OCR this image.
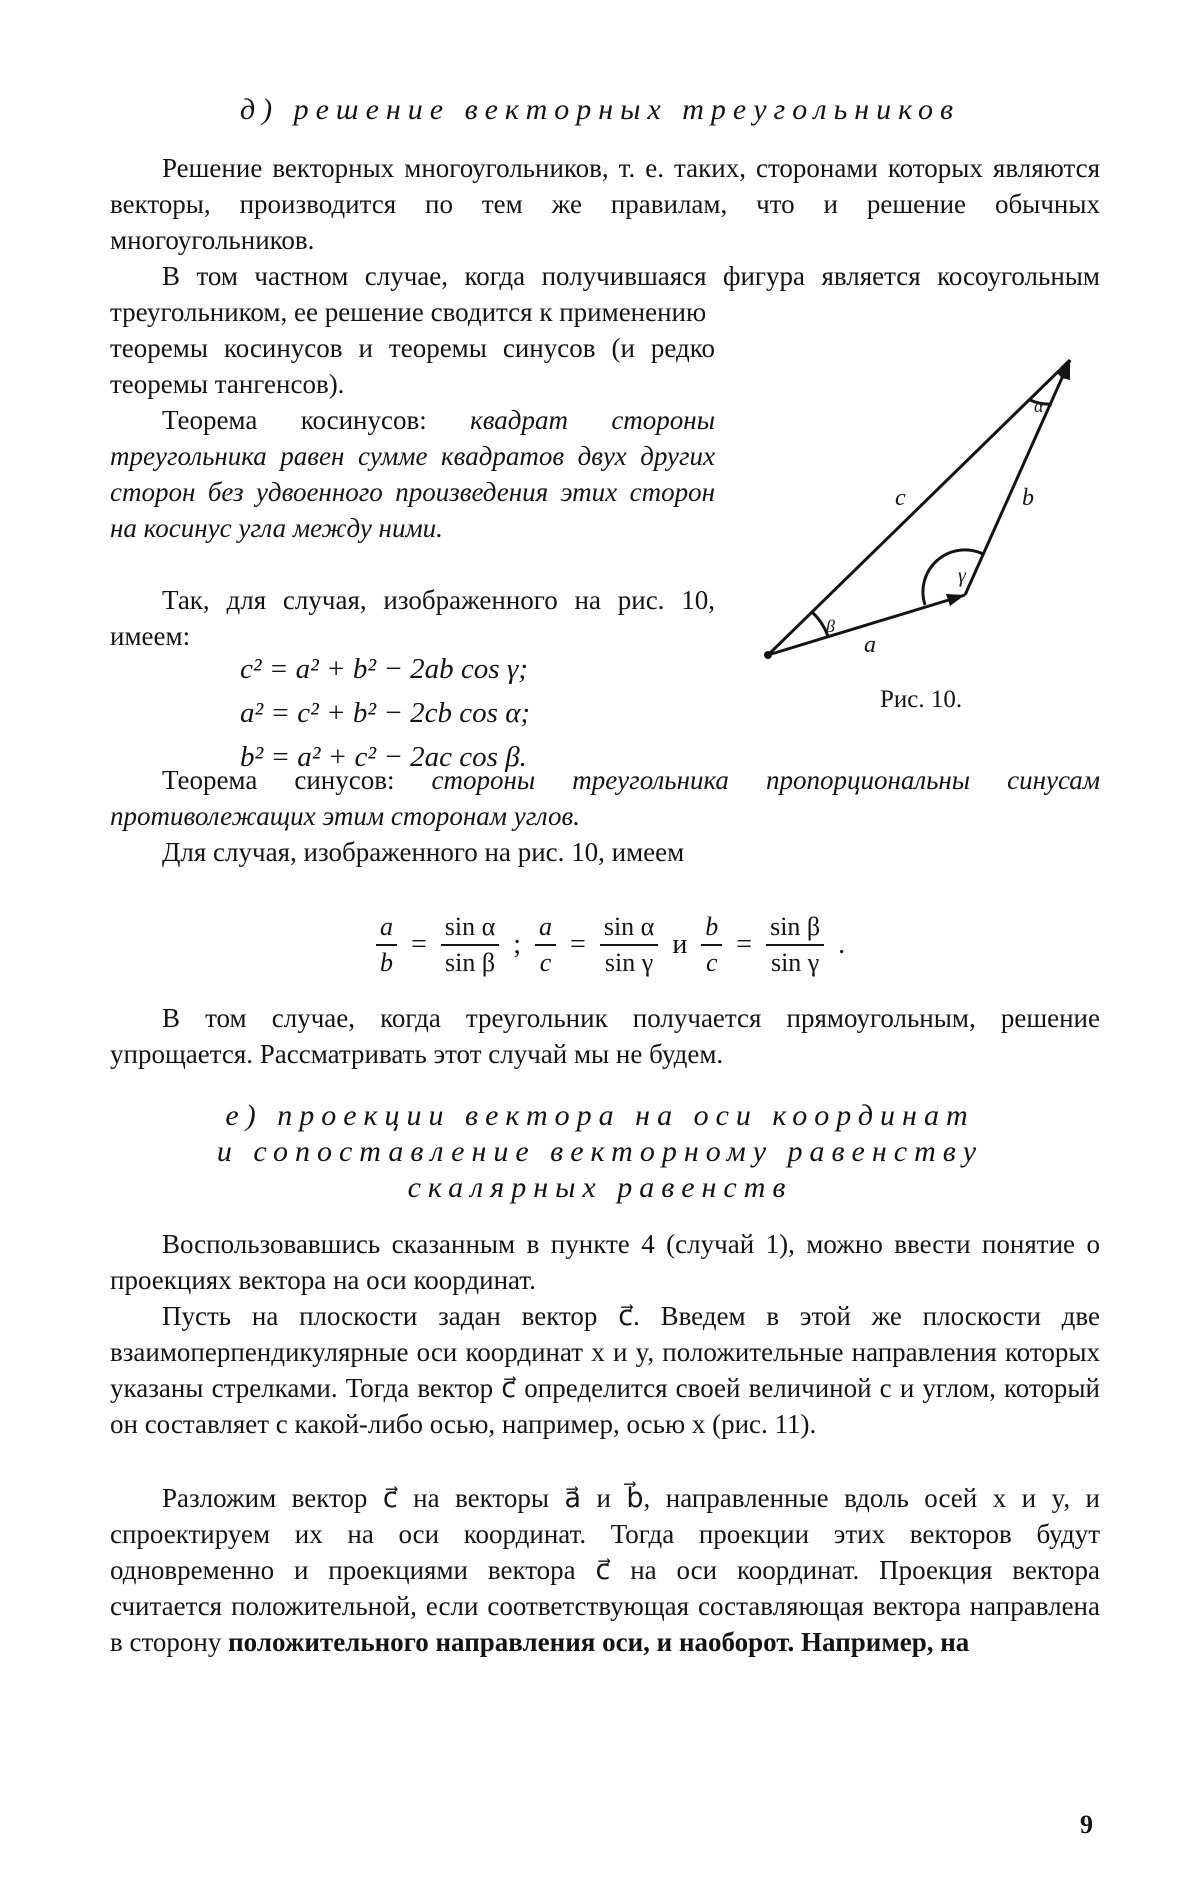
д) решение векторных треугольников

Решение векторных многоугольников, т. е. таких, сторонами которых являются векторы, производится по тем же правилам, что и решение обычных многоугольников.

В том частном случае, когда получившаяся фигура является косоугольным треугольником, ее решение сводится к применению

теоремы косинусов и теоремы синусов (и редко теоремы тангенсов).

Теорема косинусов: квадрат стороны треугольника равен сумме квадратов двух других сторон без удвоенного произведения этих сторон на косинус угла между ними.

Так, для случая, изображенного на рис. 10, имеем:

c² = a² + b² − 2ab cos γ;
a² = c² + b² − 2cb cos α;
b² = a² + c² − 2ac cos β.
c	b
a
α
β
γ
Рис. 10.

Теорема синусов: стороны треугольника пропорциональны синусам противолежащих этим сторонам углов.

Для случая, изображенного на рис. 10, имеем

$\frac{a}{b} = \frac{\text{sin α}}{\text{sin β}}$ ; $\frac{a}{c} = \frac{\text{sin α}}{\text{sin γ}}$ и $\frac{b}{c} = \frac{\text{sin β}}{\text{sin γ}}$ .

В том случае, когда треугольник получается прямоугольным, решение упрощается. Рассматривать этот случай мы не будем.

е) проекции вектора на оси координат
и сопоставление векторному равенству
скалярных равенств

Воспользовавшись сказанным в пункте 4 (случай 1), можно ввести понятие о проекциях вектора на оси координат.

Пусть на плоскости задан вектор c⃗. Введем в этой же плоскости две взаимоперпендикулярные оси координат x и y, положительные направления которых указаны стрелками. Тогда вектор c⃗ определится своей величиной c и углом, который он составляет с какой-либо осью, например, осью x (рис. 11).

Разложим вектор c⃗ на векторы a⃗ и b⃗, направленные вдоль осей x и y, и спроектируем их на оси координат. Тогда проекции этих векторов будут одновременно и проекциями вектора c⃗ на оси координат. Проекция вектора считается положительной, если соответствующая составляющая вектора направлена в сторону положительного направления оси, и наоборот. Например, на

9
